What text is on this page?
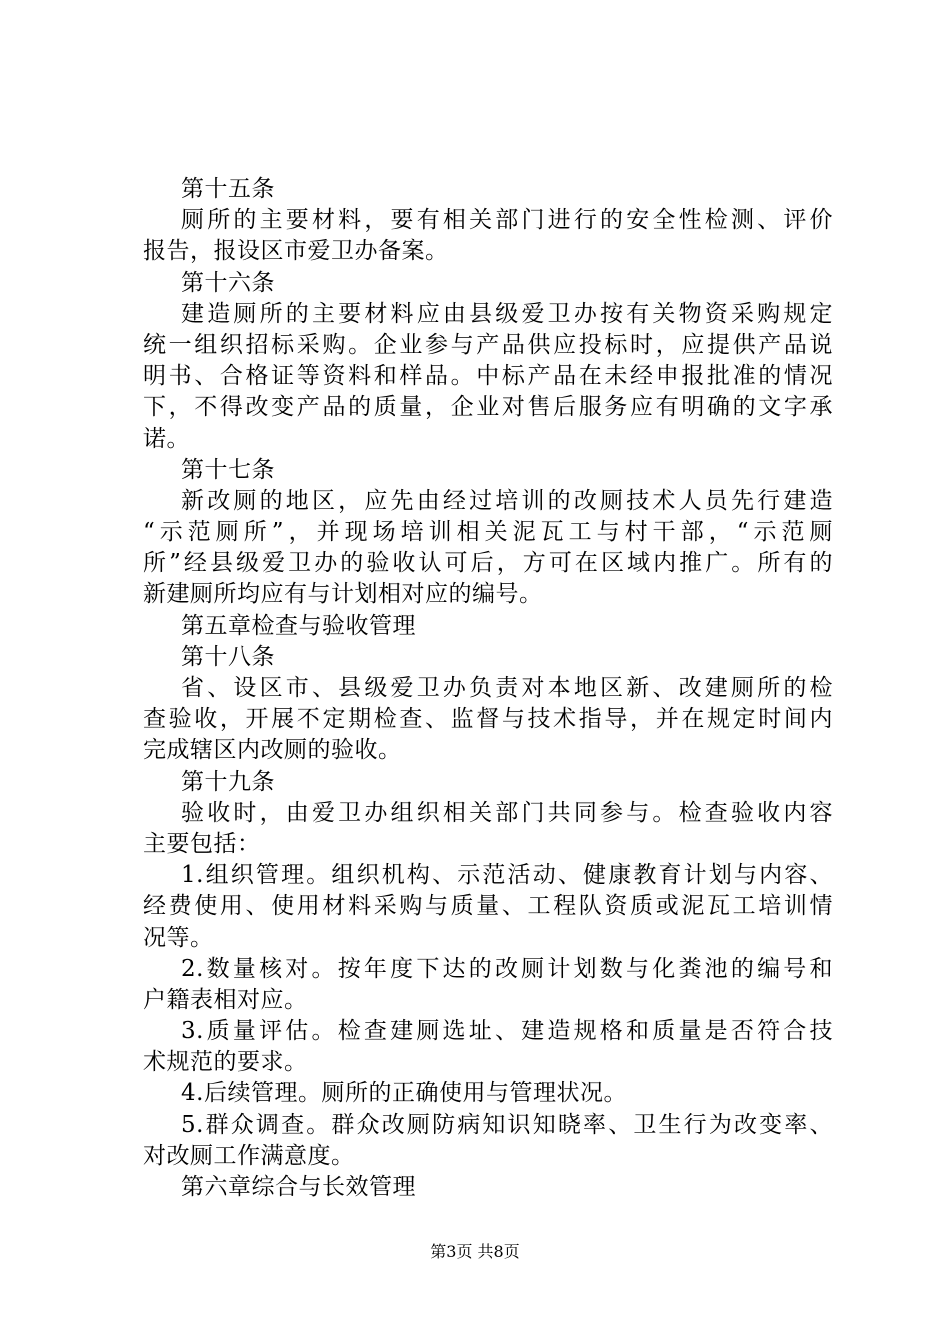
第十五条
厕所的主要材料，要有相关部门进行的安全性检测、评价
报告，报设区市爱卫办备案。
第十六条
建造厕所的主要材料应由县级爱卫办按有关物资采购规定
统一组织招标采购。企业参与产品供应投标时，应提供产品说
明书、合格证等资料和样品。中标产品在未经申报批准的情况
下，不得改变产品的质量，企业对售后服务应有明确的文字承
诺。
第十七条
新改厕的地区，应先由经过培训的改厕技术人员先行建造
“示范厕所”，并现场培训相关泥瓦工与村干部，“示范厕
所”经县级爱卫办的验收认可后，方可在区域内推广。所有的
新建厕所均应有与计划相对应的编号。
第五章检查与验收管理
第十八条
省、设区市、县级爱卫办负责对本地区新、改建厕所的检
查验收，开展不定期检查、监督与技术指导，并在规定时间内
完成辖区内改厕的验收。
第十九条
验收时，由爱卫办组织相关部门共同参与。检查验收内容
主要包括：
1.组织管理。组织机构、示范活动、健康教育计划与内容、
经费使用、使用材料采购与质量、工程队资质或泥瓦工培训情
况等。
2.数量核对。按年度下达的改厕计划数与化粪池的编号和
户籍表相对应。
3.质量评估。检查建厕选址、建造规格和质量是否符合技
术规范的要求。
4.后续管理。厕所的正确使用与管理状况。
5.群众调查。群众改厕防病知识知晓率、卫生行为改变率、
对改厕工作满意度。
第六章综合与长效管理
第3页 共8页
